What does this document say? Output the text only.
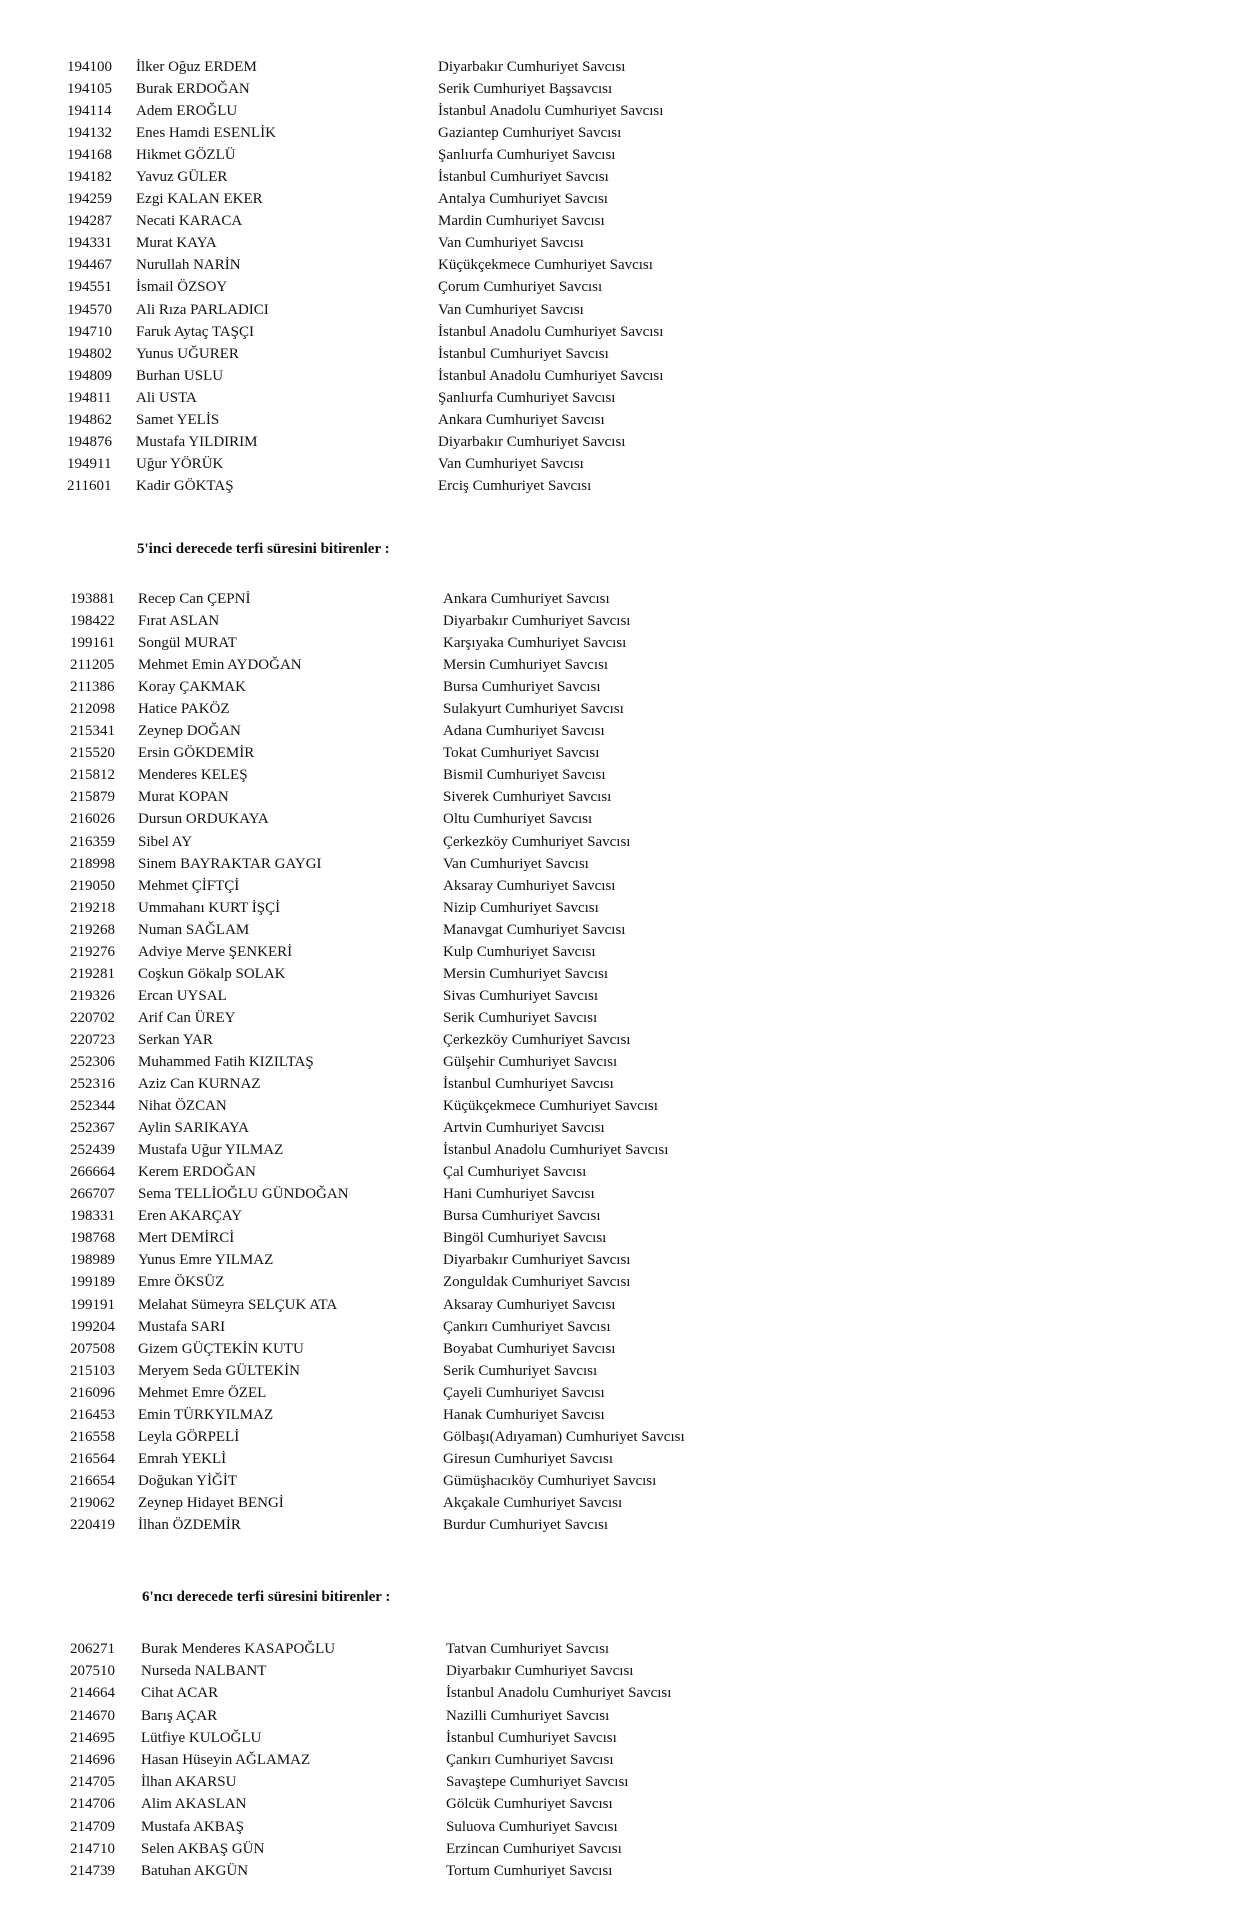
194100 İlker Oğuz ERDEM	Diyarbakır Cumhuriyet Savcısı
194105 Burak ERDOĞAN	Serik Cumhuriyet Başsavcısı
194114 Adem EROĞLU	İstanbul Anadolu Cumhuriyet Savcısı
194132 Enes Hamdi ESENLİK	Gaziantep Cumhuriyet Savcısı
194168 Hikmet GÖZLÜ	Şanlıurfa Cumhuriyet Savcısı
194182 Yavuz GÜLER	İstanbul Cumhuriyet Savcısı
194259 Ezgi KALAN EKER	Antalya Cumhuriyet Savcısı
194287 Necati KARACA	Mardin Cumhuriyet Savcısı
194331 Murat KAYA	Van Cumhuriyet Savcısı
194467 Nurullah NARİN	Küçükçekmece Cumhuriyet Savcısı
194551 İsmail ÖZSOY	Çorum Cumhuriyet Savcısı
194570 Ali Rıza PARLADICI	Van Cumhuriyet Savcısı
194710 Faruk Aytaç TAŞÇI	İstanbul Anadolu Cumhuriyet Savcısı
194802 Yunus UĞURER	İstanbul Cumhuriyet Savcısı
194809 Burhan USLU	İstanbul Anadolu Cumhuriyet Savcısı
194811 Ali USTA	Şanlıurfa Cumhuriyet Savcısı
194862 Samet YELİS	Ankara Cumhuriyet Savcısı
194876 Mustafa YILDIRIM	Diyarbakır Cumhuriyet Savcısı
194911 Uğur YÖRÜK	Van Cumhuriyet Savcısı
211601 Kadir GÖKTAŞ	Erciş Cumhuriyet Savcısı
5'inci derecede terfi süresini bitirenler :
193881 Recep Can ÇEPNİ	Ankara Cumhuriyet Savcısı
198422 Fırat ASLAN	Diyarbakır Cumhuriyet Savcısı
199161 Songül MURAT	Karşıyaka Cumhuriyet Savcısı
211205 Mehmet Emin AYDOĞAN	Mersin Cumhuriyet Savcısı
211386 Koray ÇAKMAK	Bursa Cumhuriyet Savcısı
212098 Hatice PAKÖZ	Sulakyurt Cumhuriyet Savcısı
215341 Zeynep DOĞAN	Adana Cumhuriyet Savcısı
215520 Ersin GÖKDEMİR	Tokat Cumhuriyet Savcısı
215812 Menderes KELEŞ	Bismil Cumhuriyet Savcısı
215879 Murat KOPAN	Siverek Cumhuriyet Savcısı
216026 Dursun ORDUKAYA	Oltu Cumhuriyet Savcısı
216359 Sibel AY	Çerkezköy Cumhuriyet Savcısı
218998 Sinem BAYRAKTAR GAYGI	Van Cumhuriyet Savcısı
219050 Mehmet ÇİFTÇİ	Aksaray Cumhuriyet Savcısı
219218 Ummahanı KURT İŞÇİ	Nizip Cumhuriyet Savcısı
219268 Numan SAĞLAM	Manavgat Cumhuriyet Savcısı
219276 Adviye Merve ŞENKERİ	Kulp Cumhuriyet Savcısı
219281 Coşkun Gökalp SOLAK	Mersin Cumhuriyet Savcısı
219326 Ercan UYSAL	Sivas Cumhuriyet Savcısı
220702 Arif Can ÜREY	Serik Cumhuriyet Savcısı
220723 Serkan YAR	Çerkezköy Cumhuriyet Savcısı
252306 Muhammed Fatih KIZILTAŞ	Gülşehir Cumhuriyet Savcısı
252316 Aziz Can KURNAZ	İstanbul Cumhuriyet Savcısı
252344 Nihat ÖZCAN	Küçükçekmece Cumhuriyet Savcısı
252367 Aylin SARIKAYA	Artvin Cumhuriyet Savcısı
252439 Mustafa Uğur YILMAZ	İstanbul Anadolu Cumhuriyet Savcısı
266664 Kerem ERDOĞAN	Çal Cumhuriyet Savcısı
266707 Sema TELLİOĞLU GÜNDOĞAN	Hani Cumhuriyet Savcısı
198331 Eren AKARÇAY	Bursa Cumhuriyet Savcısı
198768 Mert DEMİRCİ	Bingöl Cumhuriyet Savcısı
198989 Yunus Emre YILMAZ	Diyarbakır Cumhuriyet Savcısı
199189 Emre ÖKSÜZ	Zonguldak Cumhuriyet Savcısı
199191 Melahat Sümeyra SELÇUK ATA	Aksaray Cumhuriyet Savcısı
199204 Mustafa SARI	Çankırı Cumhuriyet Savcısı
207508 Gizem GÜÇTEKİN KUTU	Boyabat Cumhuriyet Savcısı
215103 Meryem Seda GÜLTEKİN	Serik Cumhuriyet Savcısı
216096 Mehmet Emre ÖZEL	Çayeli Cumhuriyet Savcısı
216453 Emin TÜRKYILMAZ	Hanak Cumhuriyet Savcısı
216558 Leyla GÖRPELİ	Gölbaşı(Adıyaman) Cumhuriyet Savcısı
216564 Emrah YEKLİ	Giresun Cumhuriyet Savcısı
216654 Doğukan YİĞİT	Gümüşhacıköy Cumhuriyet Savcısı
219062 Zeynep Hidayet BENGİ	Akçakale Cumhuriyet Savcısı
220419 İlhan ÖZDEMİR	Burdur Cumhuriyet Savcısı
6'ncı derecede terfi süresini bitirenler :
206271 Burak Menderes KASAPOĞLU	Tatvan Cumhuriyet Savcısı
207510 Nurseda NALBANT	Diyarbakır Cumhuriyet Savcısı
214664 Cihat ACAR	İstanbul Anadolu Cumhuriyet Savcısı
214670 Barış AÇAR	Nazilli Cumhuriyet Savcısı
214695 Lütfiye KULOĞLU	İstanbul Cumhuriyet Savcısı
214696 Hasan Hüseyin AĞLAMAZ	Çankırı Cumhuriyet Savcısı
214705 İlhan AKARSU	Savaştepe Cumhuriyet Savcısı
214706 Alim AKASLAN	Gölcük Cumhuriyet Savcısı
214709 Mustafa AKBAŞ	Suluova Cumhuriyet Savcısı
214710 Selen AKBAŞ GÜN	Erzincan Cumhuriyet Savcısı
214739 Batuhan AKGÜN	Tortum Cumhuriyet Savcısı
